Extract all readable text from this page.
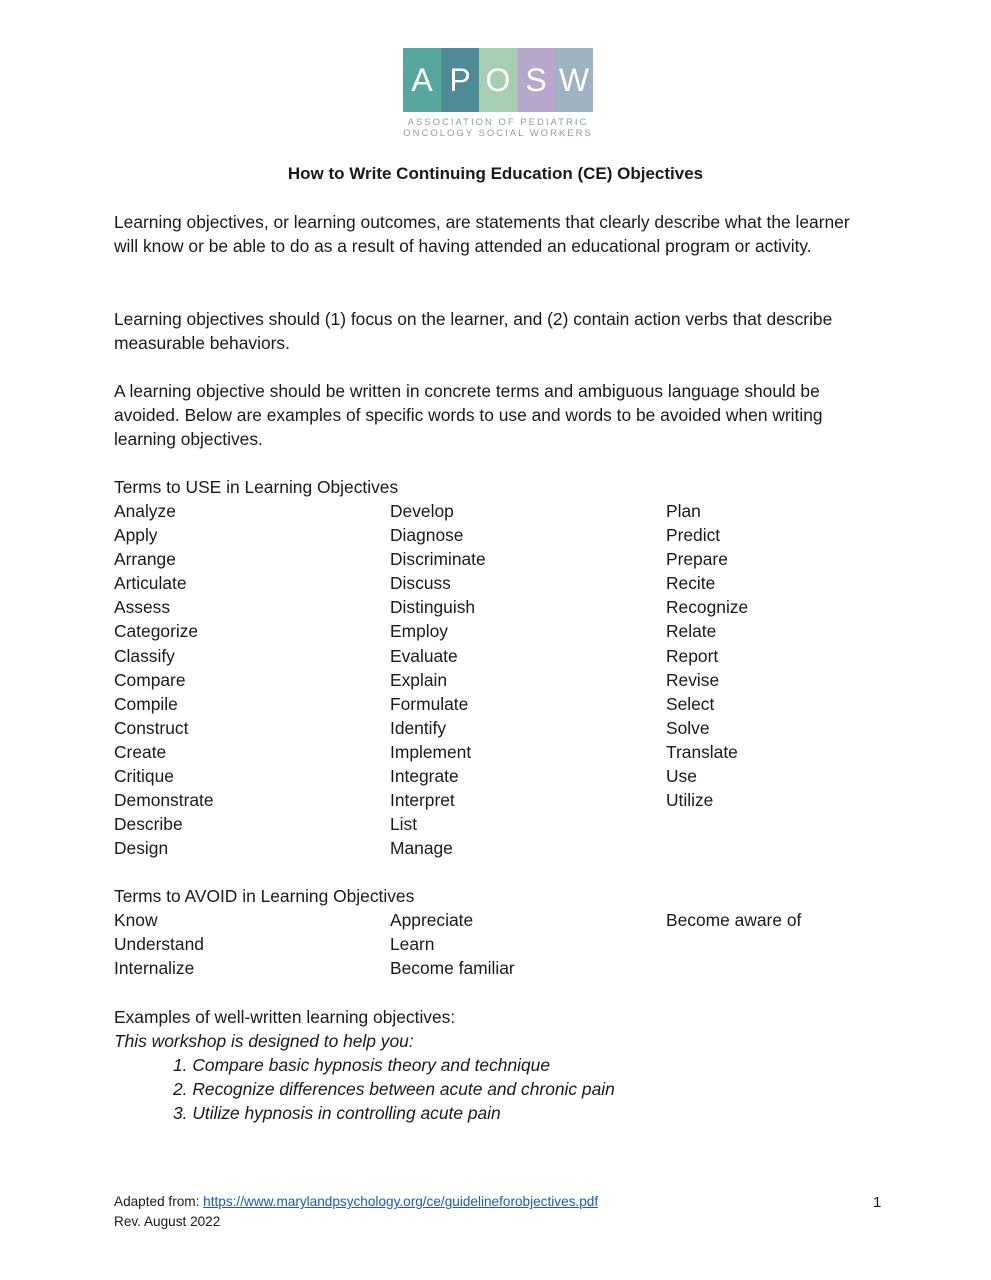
A P O S W
ASSOCIATION OF PEDIATRIC
ONCOLOGY SOCIAL WORKERS
How to Write Continuing Education (CE) Objectives
Learning objectives, or learning outcomes, are statements that clearly describe what the learner will know or be able to do as a result of having attended an educational program or activity.
Learning objectives should (1) focus on the learner, and (2) contain action verbs that describe measurable behaviors.
A learning objective should be written in concrete terms and ambiguous language should be avoided. Below are examples of specific words to use and words to be avoided when writing learning objectives.
Terms to USE in Learning Objectives
Analyze
Apply
Arrange
Articulate
Assess
Categorize
Classify
Compare
Compile
Construct
Create
Critique
Demonstrate
Describe
Design
Develop
Diagnose
Discriminate
Discuss
Distinguish
Employ
Evaluate
Explain
Formulate
Identify
Implement
Integrate
Interpret
List
Manage
Plan
Predict
Prepare
Recite
Recognize
Relate
Report
Revise
Select
Solve
Translate
Use
Utilize
Terms to AVOID in Learning Objectives
Know
Understand
Internalize
Appreciate
Learn
Become familiar
Become aware of
Examples of well-written learning objectives:
This workshop is designed to help you:
1. Compare basic hypnosis theory and technique
2. Recognize differences between acute and chronic pain
3. Utilize hypnosis in controlling acute pain
Adapted from: https://www.marylandpsychology.org/ce/guidelineforobjectives.pdf
Rev. August 2022
1
